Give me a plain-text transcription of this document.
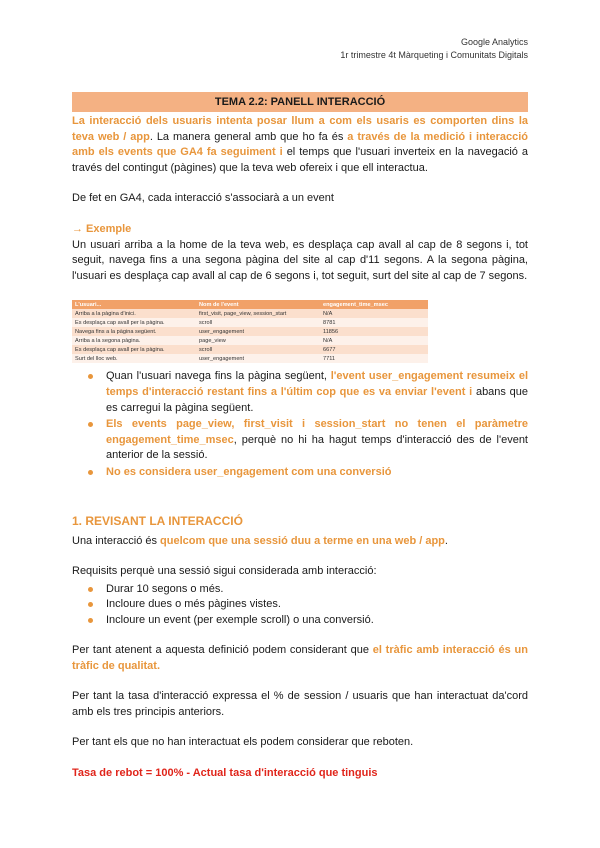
Google Analytics
1r trimestre 4t Màrqueting i Comunitats Digitals
TEMA 2.2: PANELL INTERACCIÓ

La interacció dels usuaris intenta posar llum a com els usaris es comporten dins la teva web / app. La manera general amb que ho fa és a través de la medició i interacció amb els events que GA4 fa seguiment i el temps que l'usuari inverteix en la navegació a través del contingut (pàgines) que la teva web ofereix i que ell interactua.

De fet en GA4, cada interacció s'associarà a un event

→ Exemple

Un usuari arriba a la home de la teva web, es desplaça cap avall al cap de 8 segons i, tot seguit, navega fins a una segona pàgina del site al cap d'11 segons. A la segona pàgina, l'usuari es desplaça cap avall al cap de 6 segons i, tot seguit, surt del site al cap de 7 segons.

L'usuari...	Nom de l'event	engagement_time_msec
Arriba a la pàgina d'inici.	first_visit, page_view, session_start	N/A
Es desplaça cap avall per la pàgina.	scroll	8781
Navega fins a la pàgina següent.	user_engagement	11856
Arriba a la segona pàgina.	page_view	N/A
Es desplaça cap avall per la pàgina.	scroll	6677
Surt del lloc web.	user_engagement	7711
Quan l'usuari navega fins la pàgina següent, l'event user_engagement resumeix el temps d'interacció restant fins a l'últim cop que es va enviar l'event i abans que es carregui la pàgina següent.
Els events page_view, first_visit i session_start no tenen el paràmetre engagement_time_msec, perquè no hi ha hagut temps d'interacció des de l'event anterior de la sessió.
No es considera user_engagement com una conversió
1. REVISANT LA INTERACCIÓ

Una interacció és quelcom que una sessió duu a terme en una web / app.

Requisits perquè una sessió sigui considerada amb interacció:

Durar 10 segons o més.
Incloure dues o més pàgines vistes.
Incloure un event (per exemple scroll) o una conversió.

Per tant atenent a aquesta definició podem considerant que el tràfic amb interacció és un tràfic de qualitat.

Per tant la tasa d'interacció expressa el % de session / usuaris que han interactuat da'cord amb els tres principis anteriors.

Per tant els que no han interactuat els podem considerar que reboten.

Tasa de rebot = 100% - Actual tasa d'interacció que tinguis
